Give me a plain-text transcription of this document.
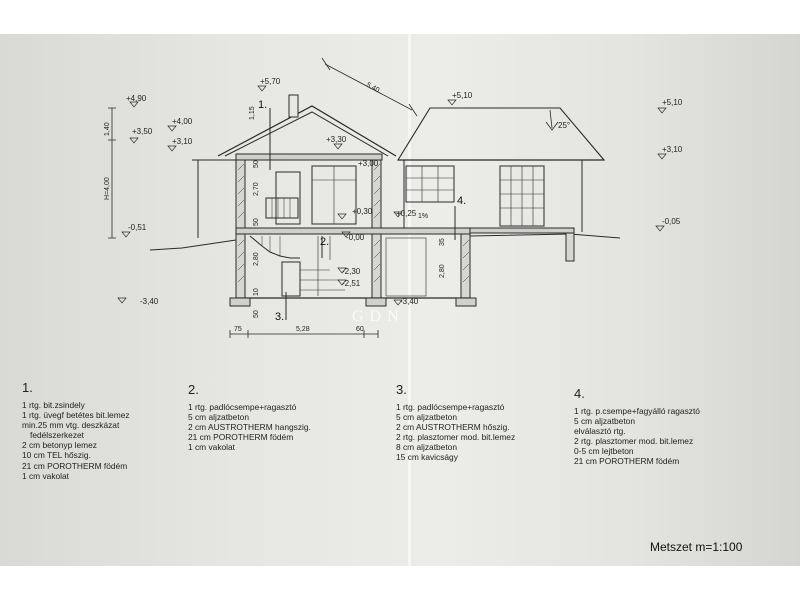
+4,90
+4,00
+3,50
+3,10
+5,70
+3,30
+3,00
+0,30	+0,25
-0,00
-0,51
-2,30
-2,51
-3,40	-3,40
+5,10
+5,10
+3,10
-0,05
1,40
H=4,00
1,15
50
2,70
50
2,80
2,80
35
50
10
75	5,28	60
5,40
25°
1%
1.
2.
3.
4.
GDN
1.
1 rtg. bit.zsindely
1 rtg. üvegf betétes bit.lemez
min.25 mm vtg. deszkázat
fedélszerkezet
2 cm betonyp lemez
10 cm TEL hőszig.
21 cm POROTHERM födém
1 cm vakolat
2.
1 rtg. padlócsempe+ragasztó
5 cm aljzatbeton
2 cm AUSTROTHERM hangszig.
21 cm POROTHERM födém
1 cm vakolat
3.
1 rtg. padlócsempe+ragasztó
5 cm aljzatbeton
2 cm AUSTROTHERM hőszig.
2 rtg. plasztomer mod. bit.lemez
8 cm aljzatbeton
15 cm kavicságy
4.
1 rtg. p.csempe+fagyálló ragasztó
5 cm aljzatbeton
elválasztó rtg.
2 rtg. plasztomer mod. bit.lemez
0-5 cm lejtbeton
21 cm POROTHERM födém
Metszet m=1:100
